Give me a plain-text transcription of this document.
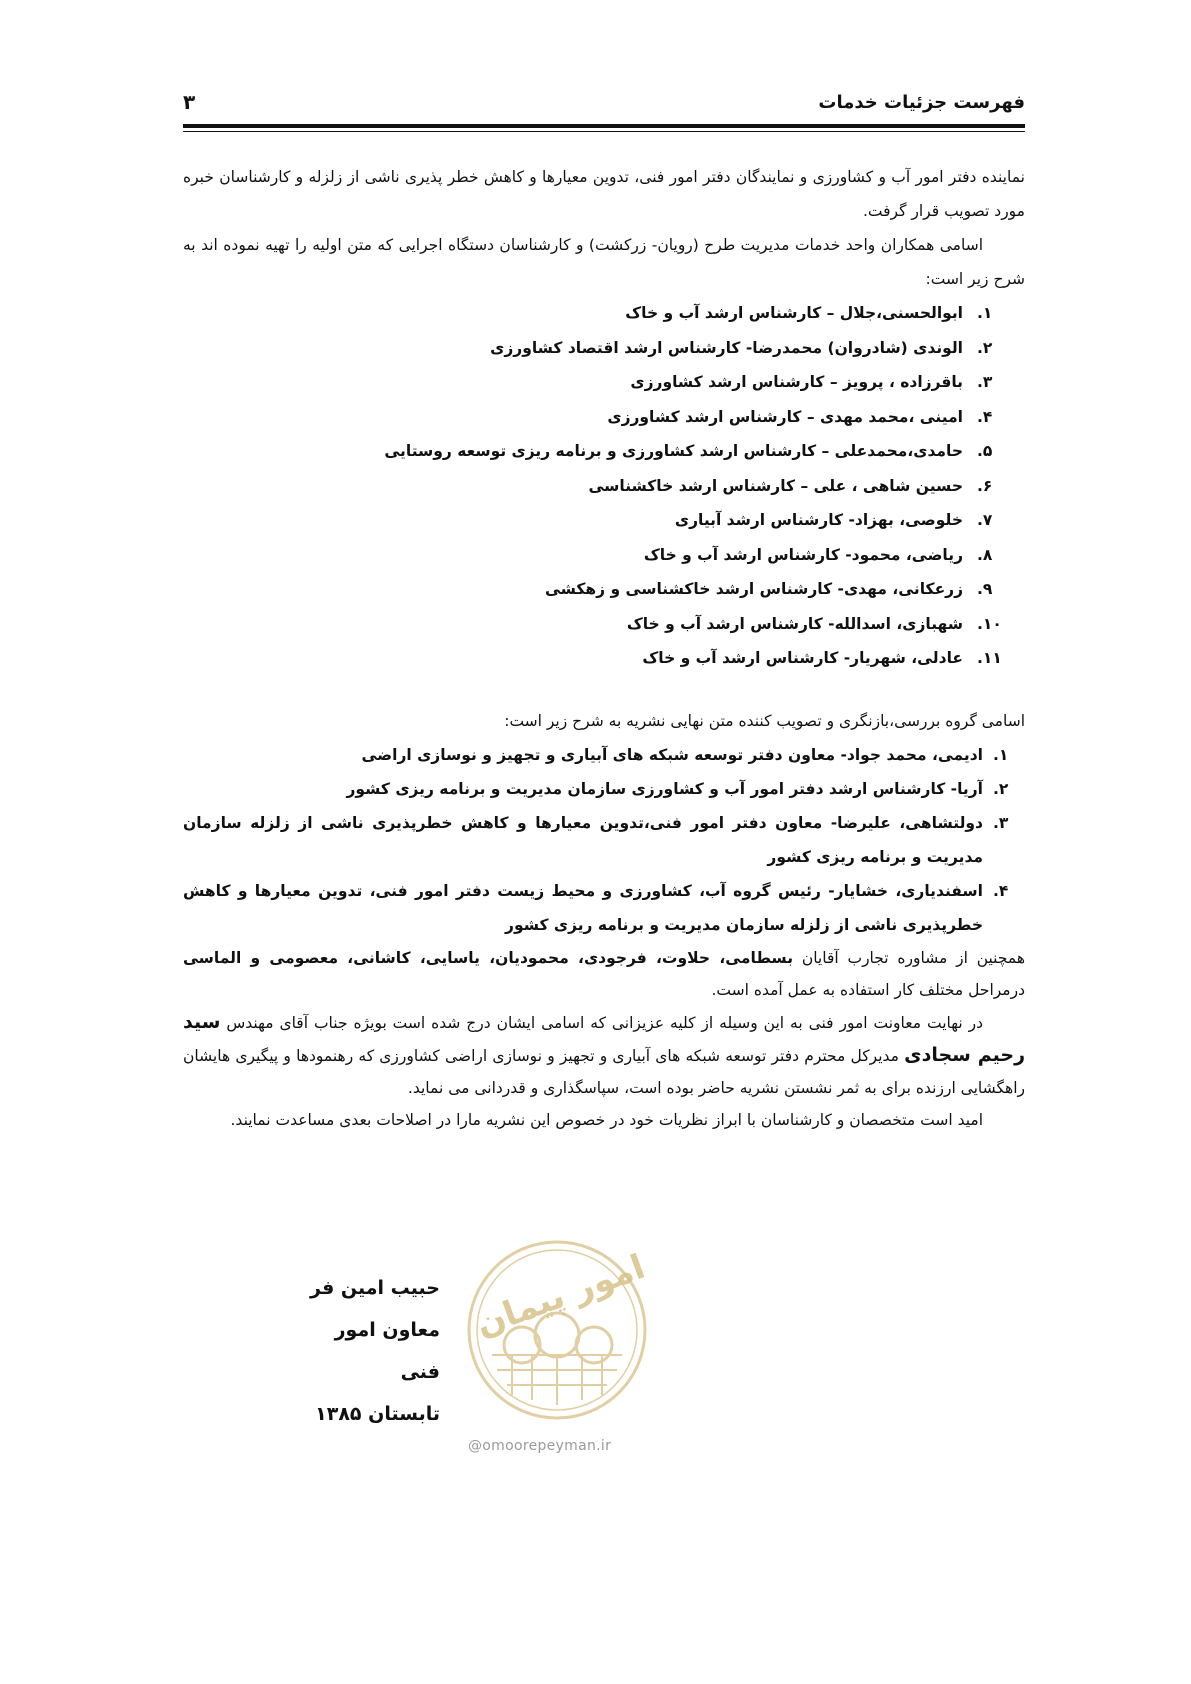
فهرست جزئیات خدمات
۳

نماینده دفتر امور آب و کشاورزی و نمایندگان دفتر امور فنی، تدوین معیارها و کاهش خطر پذیری ناشی از زلزله و کارشناسان خبره مورد تصویب قرار گرفت.

اسامی همکاران واحد خدمات مدیریت طرح (رویان- زرکشت) و کارشناسان دستگاه اجرایی که متن اولیه را تهیه نموده اند به شرح زیر است:

۱.
ابوالحسنی،جلال – کارشناس ارشد آب و خاک
۲.
الوندی (شادروان) محمدرضا- کارشناس ارشد اقتصاد کشاورزی
۳.
باقرزاده ، پرویز – کارشناس ارشد کشاورزی
۴.
امینی ،محمد مهدی – کارشناس ارشد کشاورزی
۵.
حامدی،محمدعلی – کارشناس ارشد کشاورزی و برنامه ریزی توسعه روستایی
۶.
حسین شاهی ، علی – کارشناس ارشد خاکشناسی
۷.
خلوصی، بهزاد- کارشناس ارشد آبیاری
۸.
ریاضی، محمود- کارشناس ارشد آب و خاک
۹.
زرعکانی، مهدی- کارشناس ارشد خاکشناسی و زهکشی
۱۰.
شهبازی، اسدالله- کارشناس ارشد آب و خاک
۱۱.
عادلی، شهریار- کارشناس ارشد آب و خاک

اسامی گروه بررسی،بازنگری و تصویب کننده متن نهایی نشریه به شرح زیر است:

۱.
ادیمی، محمد جواد- معاون دفتر توسعه شبکه های آبیاری و تجهیز و نوسازی اراضی
۲.
آریا- کارشناس ارشد دفتر امور آب و کشاورزی سازمان مدیریت و برنامه ریزی کشور
۳.
دولتشاهی، علیرضا- معاون دفتر امور فنی،تدوین معیارها و کاهش خطرپذیری ناشی از زلزله سازمان مدیریت و برنامه ریزی کشور
۴.
اسفندیاری، خشایار- رئیس گروه آب، کشاورزی و محیط زیست دفتر امور فنی، تدوین معیارها و کاهش خطرپذیری ناشی از زلزله سازمان مدیریت و برنامه ریزی کشور

همچنین از مشاوره تجارب آقایان بسطامی، حلاوت، فرجودی، محمودیان، یاسایی، کاشانی، معصومی و الماسی درمراحل مختلف کار استفاده به عمل آمده است.

در نهایت معاونت امور فنی به این وسیله از کلیه عزیزانی که اسامی ایشان درج شده است بویژه جناب آقای مهندس سید رحیم سجادی مدیرکل محترم دفتر توسعه شبکه های آبیاری و تجهیز و نوسازی اراضی کشاورزی که رهنمودها و پیگیری هایشان راهگشایی ارزنده برای به ثمر نشستن نشریه حاضر بوده است، سپاسگذاری و قدردانی می نماید.

امید است متخصصان و کارشناسان با ابراز نظریات خود در خصوص این نشریه مارا در اصلاحات بعدی مساعدت نمایند.

امور پیمان
@omoorepeyman.ir
حبیب امین فر
معاون امور فنی
تابستان ۱۳۸۵
